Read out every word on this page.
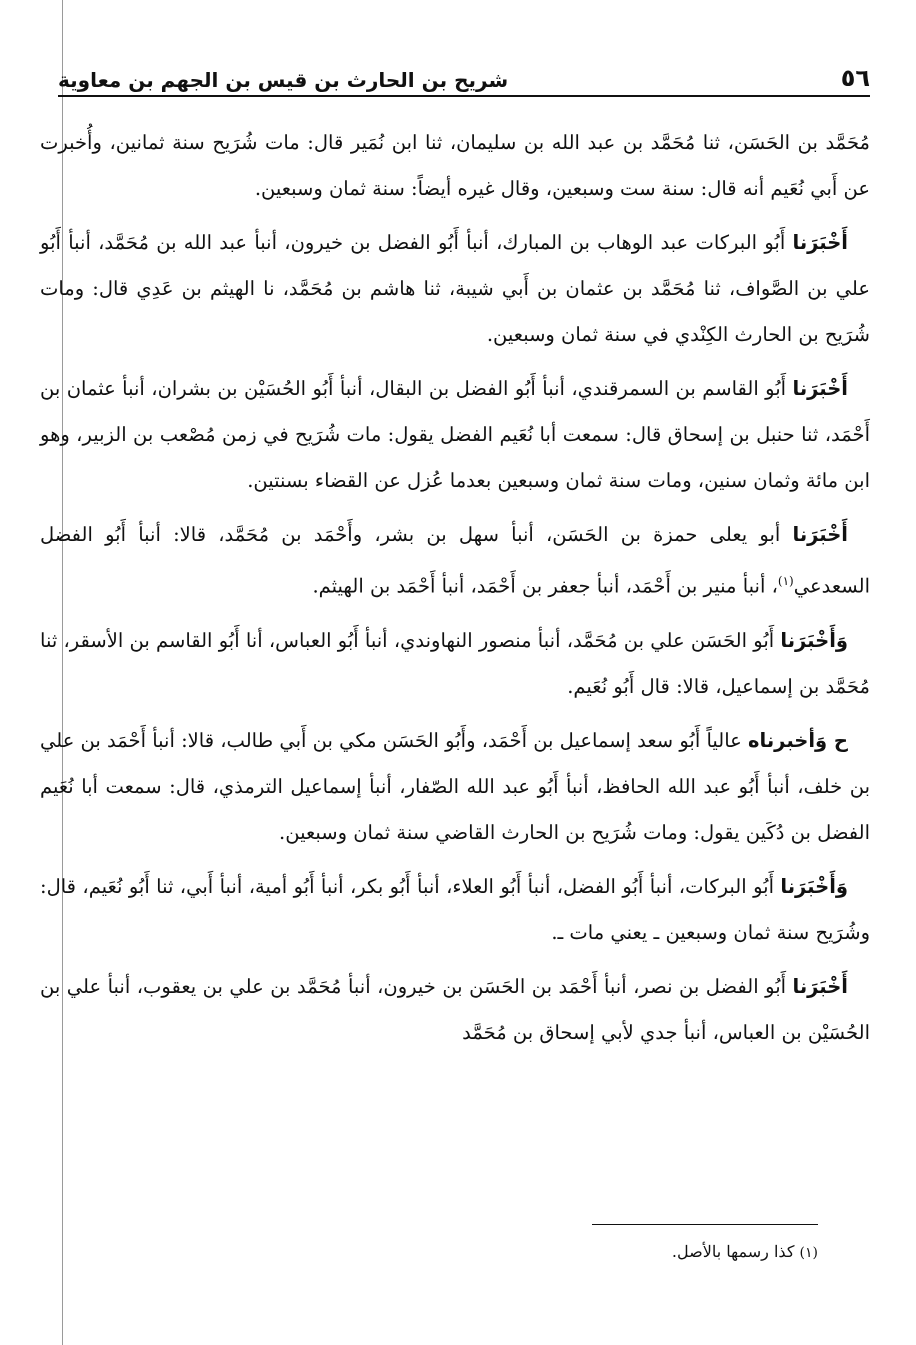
٥٦
شريح بن الحارث بن قيس بن الجهم بن معاوية

مُحَمَّد بن الحَسَن، ثنا مُحَمَّد بن عبد الله بن سليمان، ثنا ابن نُمَير قال: مات شُرَيح سنة ثمانين، وأُخبرت عن أَبي نُعَيم أنه قال: سنة ست وسبعين، وقال غيره أيضاً: سنة ثمان وسبعين.

أَخْبَرَنا أَبُو البركات عبد الوهاب بن المبارك، أنبأ أَبُو الفضل بن خيرون، أنبأ عبد الله بن مُحَمَّد، أنبأ أَبُو علي بن الصَّواف، ثنا مُحَمَّد بن عثمان بن أَبي شيبة، ثنا هاشم بن مُحَمَّد، نا الهيثم بن عَدِي قال: ومات شُرَيح بن الحارث الكِنْدي في سنة ثمان وسبعين.

أَخْبَرَنا أَبُو القاسم بن السمرقندي، أنبأ أَبُو الفضل بن البقال، أنبأ أَبُو الحُسَيْن بن بشران، أنبأ عثمان بن أَحْمَد، ثنا حنبل بن إسحاق قال: سمعت أبا نُعَيم الفضل يقول: مات شُرَيح في زمن مُصْعب بن الزبير، وهو ابن مائة وثمان سنين، ومات سنة ثمان وسبعين بعدما عُزل عن القضاء بسنتين.

أَخْبَرَنا أبو يعلى حمزة بن الحَسَن، أنبأ سهل بن بشر، وأَحْمَد بن مُحَمَّد، قالا: أنبأ أَبُو الفضل السعدعي$^{(١)}$، أنبأ منير بن أَحْمَد، أنبأ جعفر بن أَحْمَد، أنبأ أَحْمَد بن الهيثم.

وَأَخْبَرَنا أَبُو الحَسَن علي بن مُحَمَّد، أنبأ منصور النهاوندي، أنبأ أَبُو العباس، أنا أَبُو القاسم بن الأسقر، ثنا مُحَمَّد بن إسماعيل، قالا: قال أَبُو نُعَيم.

ح وَأخبرناه عالياً أَبُو سعد إسماعيل بن أَحْمَد، وأَبُو الحَسَن مكي بن أَبي طالب، قالا: أنبأ أَحْمَد بن علي بن خلف، أنبأ أَبُو عبد الله الحافظ، أنبأ أَبُو عبد الله الصّفار، أنبأ إسماعيل الترمذي، قال: سمعت أبا نُعَيم الفضل بن دُكَين يقول: ومات شُرَيح بن الحارث القاضي سنة ثمان وسبعين.

وَأَخْبَرَنا أَبُو البركات، أنبأ أَبُو الفضل، أنبأ أَبُو العلاء، أنبأ أَبُو بكر، أنبأ أَبُو أمية، أنبأ أَبي، ثنا أَبُو نُعَيم، قال: وشُرَيح سنة ثمان وسبعين ـ يعني مات ـ.

أَخْبَرَنا أَبُو الفضل بن نصر، أنبأ أَحْمَد بن الحَسَن بن خيرون، أنبأ مُحَمَّد بن علي بن يعقوب، أنبأ علي بن الحُسَيْن بن العباس، أنبأ جدي لأبي إسحاق بن مُحَمَّد

(١) كذا رسمها بالأصل.
